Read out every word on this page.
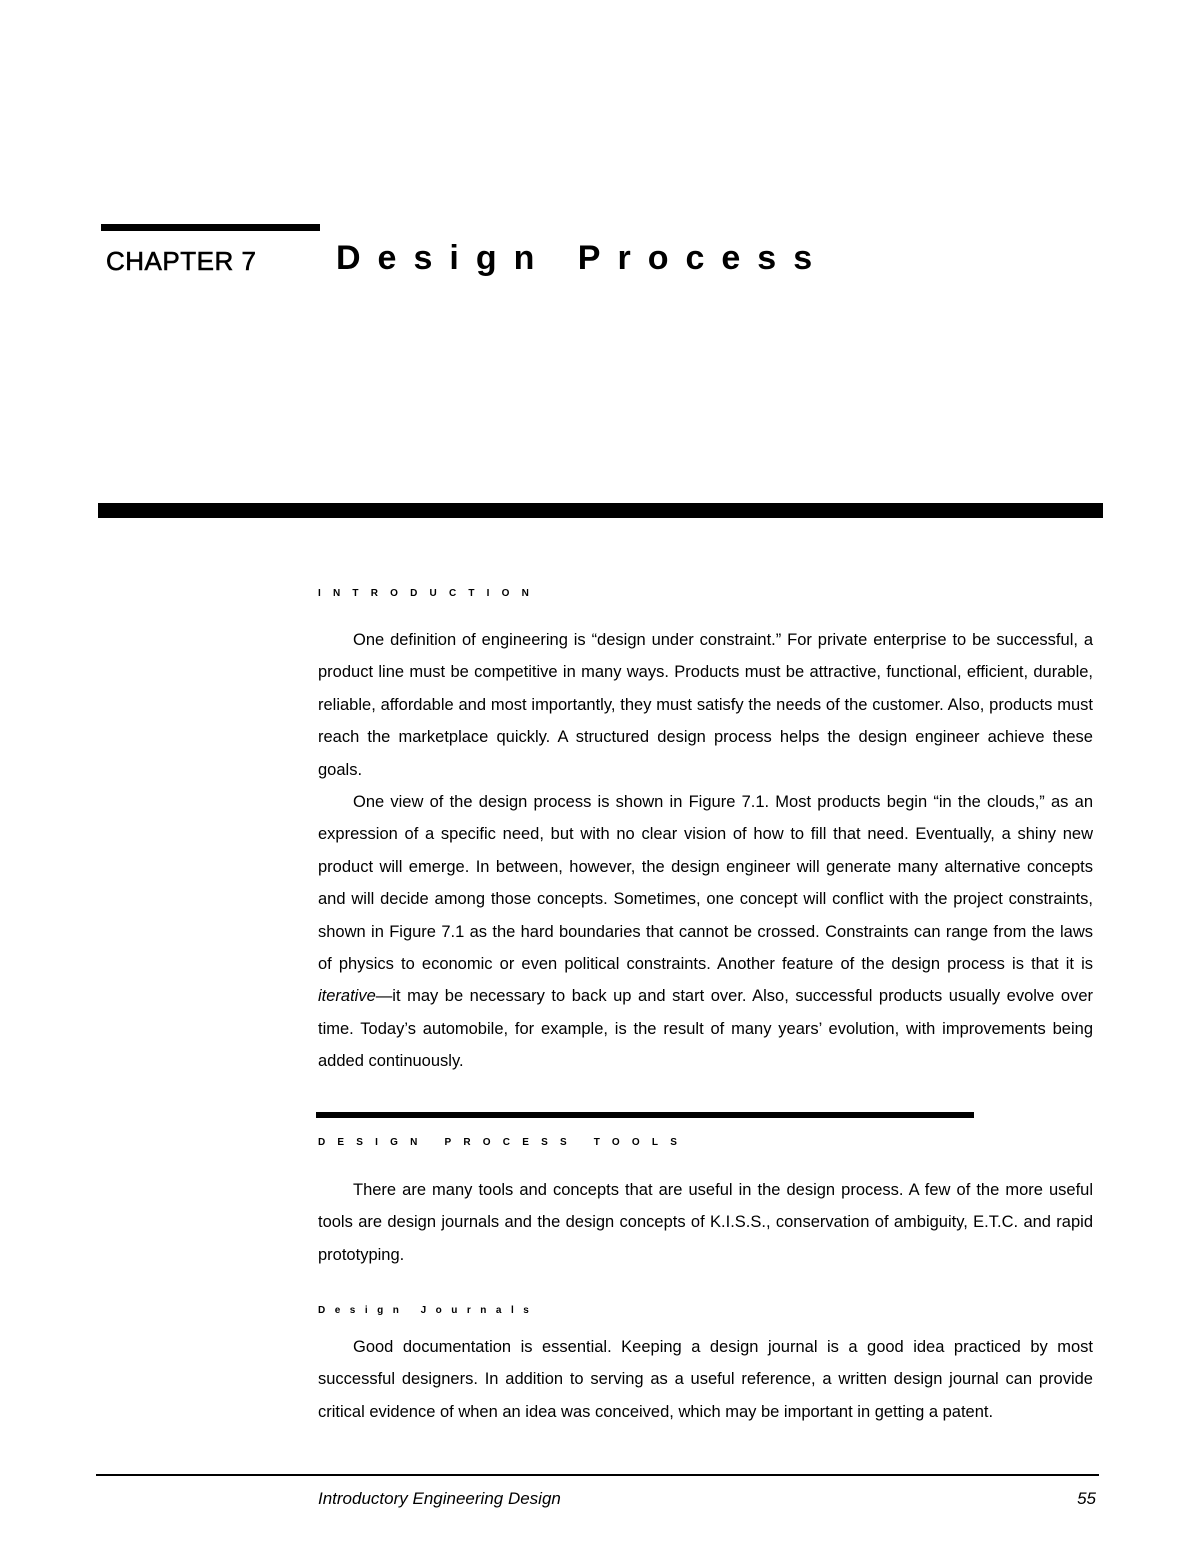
CHAPTER 7 Design Process
INTRODUCTION

One definition of engineering is “design under constraint.” For private enterprise to be successful, a product line must be competitive in many ways. Products must be attractive, functional, efficient, durable, reliable, affordable and most importantly, they must satisfy the needs of the customer. Also, products must reach the marketplace quickly. A structured design process helps the design engineer achieve these goals.

One view of the design process is shown in Figure 7.1. Most products begin “in the clouds,” as an expression of a specific need, but with no clear vision of how to fill that need. Eventually, a shiny new product will emerge. In between, however, the design engineer will generate many alternative concepts and will decide among those concepts. Sometimes, one concept will conflict with the project constraints, shown in Figure 7.1 as the hard boundaries that cannot be crossed. Constraints can range from the laws of physics to economic or even political constraints. Another feature of the design process is that it is iterative—it may be necessary to back up and start over. Also, successful products usually evolve over time. Today’s automobile, for example, is the result of many years’ evolution, with improvements being added continuously.

DESIGN PROCESS TOOLS

There are many tools and concepts that are useful in the design process. A few of the more useful tools are design journals and the design concepts of K.I.S.S., conservation of ambiguity, E.T.C. and rapid prototyping.

Design Journals

Good documentation is essential. Keeping a design journal is a good idea practiced by most successful designers. In addition to serving as a useful reference, a written design journal can provide critical evidence of when an idea was conceived, which may be important in getting a patent.

Introductory Engineering Design	55
